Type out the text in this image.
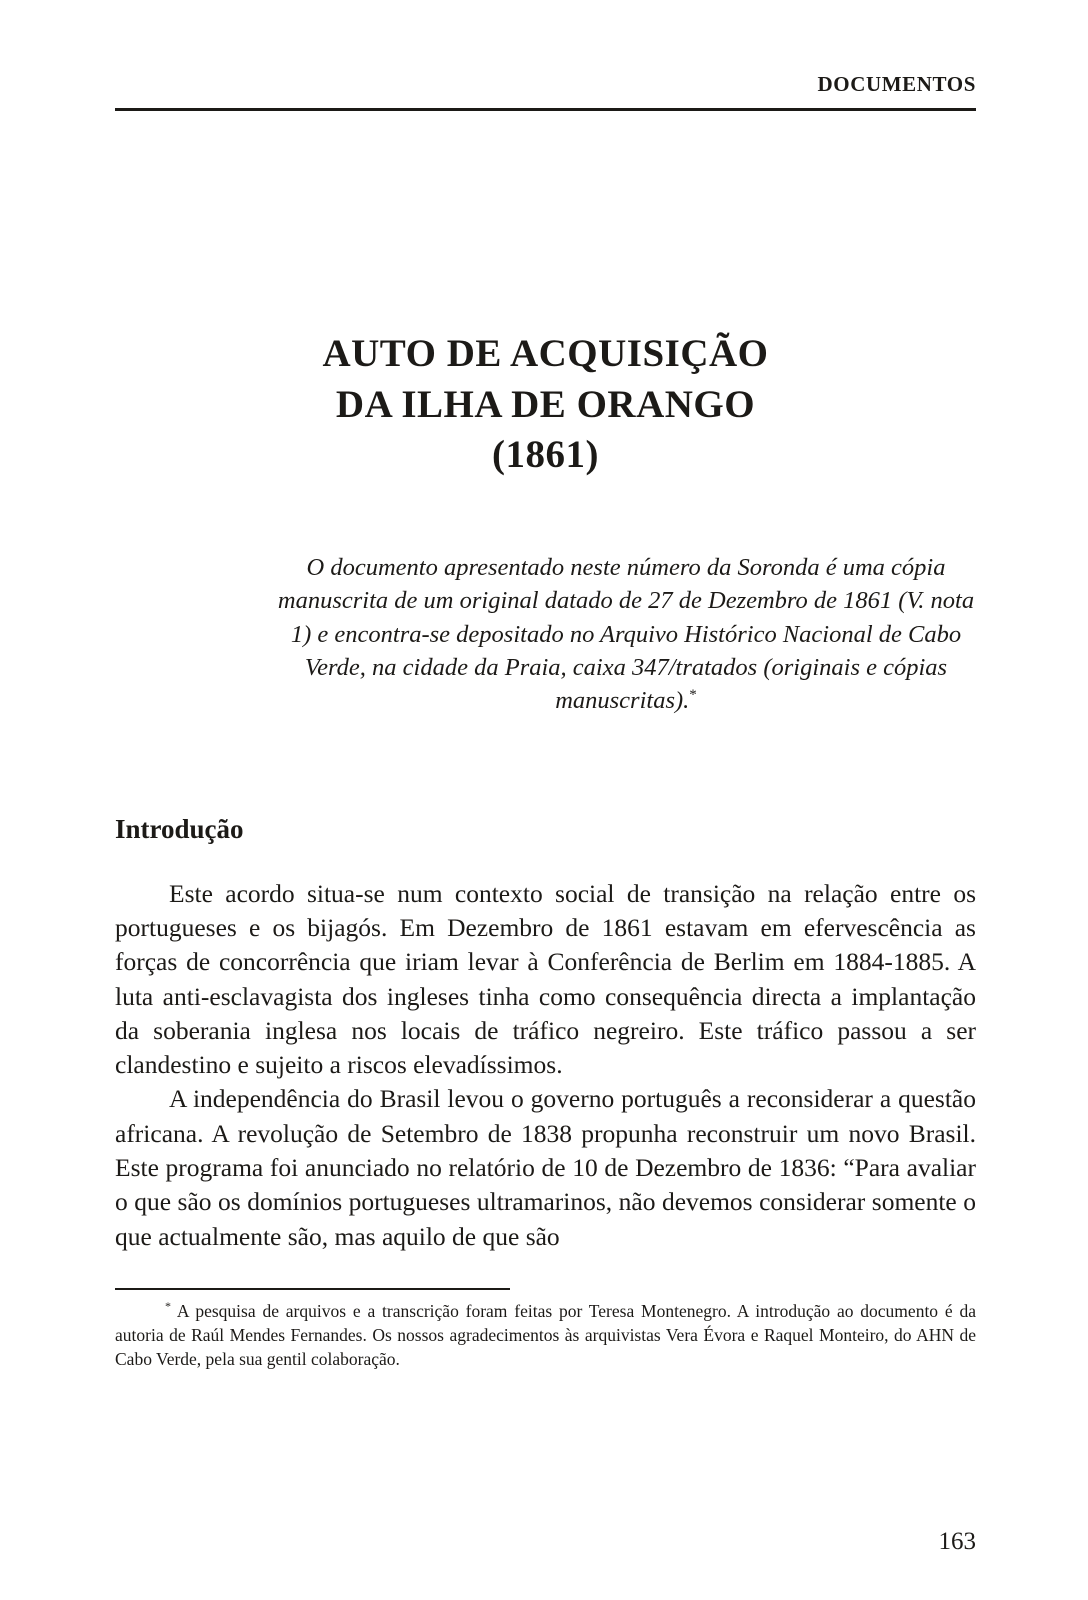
DOCUMENTOS
AUTO DE ACQUISIÇÃO
DA ILHA DE ORANGO
(1861)
O documento apresentado neste número da Soronda é uma cópia manuscrita de um original datado de 27 de Dezembro de 1861 (V. nota 1) e encontra-se depositado no Arquivo Histórico Nacional de Cabo Verde, na cidade da Praia, caixa 347/tratados (originais e cópias manuscritas).*
Introdução

Este acordo situa-se num contexto social de transição na relação entre os portugueses e os bijagós. Em Dezembro de 1861 estavam em efervescência as forças de concorrência que iriam levar à Conferência de Berlim em 1884-1885. A luta anti-esclavagista dos ingleses tinha como consequência directa a implantação da soberania inglesa nos locais de tráfico negreiro. Este tráfico passou a ser clandestino e sujeito a riscos elevadíssimos.

A independência do Brasil levou o governo português a reconsiderar a questão africana. A revolução de Setembro de 1838 propunha reconstruir um novo Brasil. Este programa foi anunciado no relatório de 10 de Dezembro de 1836: “Para avaliar o que são os domínios portugueses ultramarinos, não devemos considerar somente o que actualmente são, mas aquilo de que são

* A pesquisa de arquivos e a transcrição foram feitas por Teresa Montenegro. A introdução ao documento é da autoria de Raúl Mendes Fernandes. Os nossos agradecimentos às arquivistas Vera Évora e Raquel Monteiro, do AHN de Cabo Verde, pela sua gentil colaboração.

163
